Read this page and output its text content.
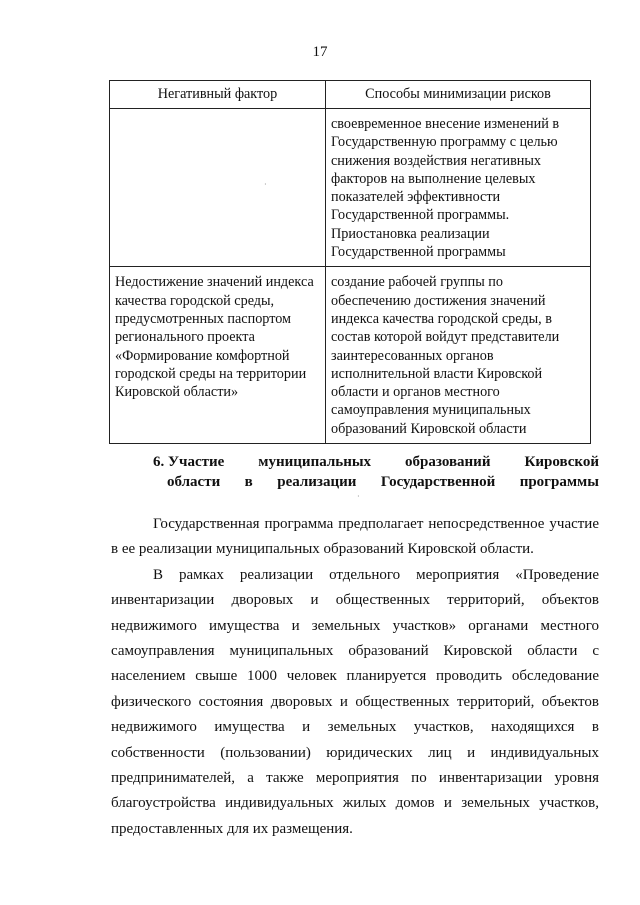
17
Негативный фактор	Способы минимизации рисков
	своевременное внесение изменений в Государственную программу с целью снижения воздействия негативных факторов на выполнение целевых показателей эффективности Государственной программы. Приостановка реализации Государственной программы
Недостижение значений индекса качества городской среды, предусмотренных паспортом регионального проекта «Формирование комфортной городской среды на территории Кировской области»	создание рабочей группы по обеспечению достижения значений индекса качества городской среды, в состав которой войдут представители заинтересованных органов исполнительной власти Кировской области и органов местного самоуправления муниципальных образований Кировской области
·
·
6. Участие муниципальных образований Кировской
области в реализации Государственной программы

Государственная программа предполагает непосредственное участие в ее реализации муниципальных образований Кировской области.

В рамках реализации отдельного мероприятия «Проведение инвентаризации дворовых и общественных территорий, объектов недвижимого имущества и земельных участков» органами местного самоуправления муниципальных образований Кировской области с населением свыше 1000 человек планируется проводить обследование физического состояния дворовых и общественных территорий, объектов недвижимого имущества и земельных участков, находящихся в собственности (пользовании) юридических лиц и индивидуальных предпринимателей, а также мероприятия по инвентаризации уровня благоустройства индивидуальных жилых домов и земельных участков, предоставленных для их размещения.
